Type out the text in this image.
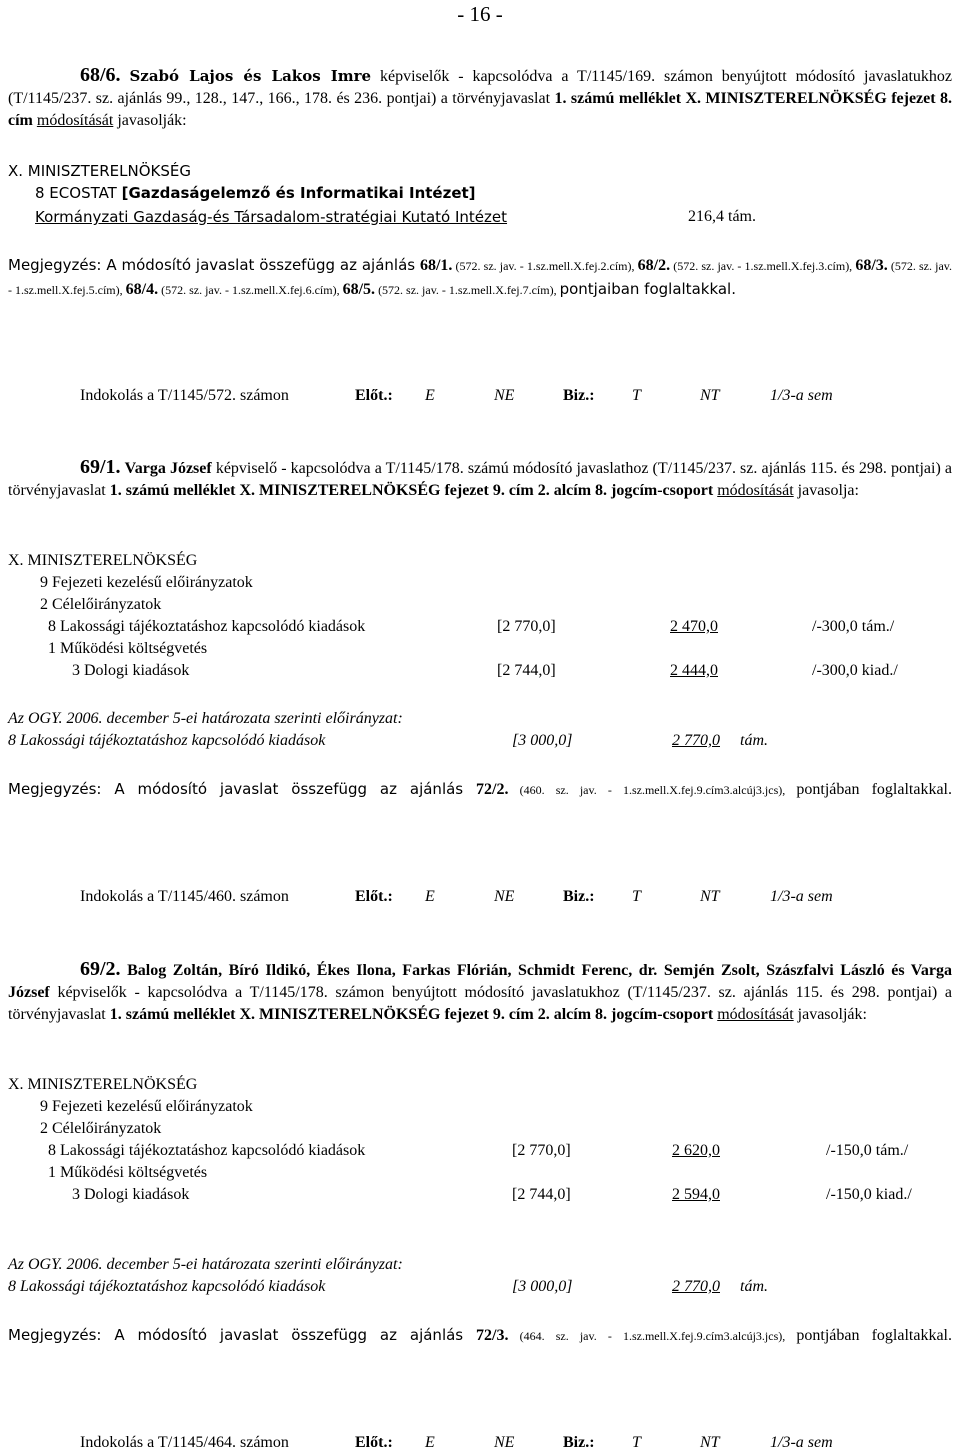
- 16 -
68/6. Szabó Lajos és Lakos Imre képviselők - kapcsolódva a T/1145/169. számon benyújtott módosító javaslatukhoz (T/1145/237. sz. ajánlás 99., 128., 147., 166., 178. és 236. pontjai) a törvényjavaslat 1. számú melléklet X. MINISZTERELNÖKSÉG fejezet 8. cím módosítását javasolják:
X. MINISZTERELNÖKSÉG
8 ECOSTAT [Gazdaságelemző és Informatikai Intézet]
Kormányzati Gazdaság-és Társadalom-stratégiai Kutató Intézet	216,4 tám.
Megjegyzés: A módosító javaslat összefügg az ajánlás 68/1. (572. sz. jav. - 1.sz.mell.X.fej.2.cím), 68/2. (572. sz. jav. - 1.sz.mell.X.fej.3.cím), 68/3. (572. sz. jav. - 1.sz.mell.X.fej.5.cím), 68/4. (572. sz. jav. - 1.sz.mell.X.fej.6.cím), 68/5. (572. sz. jav. - 1.sz.mell.X.fej.7.cím), pontjaiban foglaltakkal.
Indokolás a T/1145/572. számon	Előt.: E	NE	Biz.: T	NT	1/3-a sem
69/1. Varga József képviselő - kapcsolódva a T/1145/178. számú módosító javaslathoz (T/1145/237. sz. ajánlás 115. és 298. pontjai) a törvényjavaslat 1. számú melléklet X. MINISZTERELNÖKSÉG fejezet 9. cím 2. alcím 8. jogcím-csoport módosítását javasolja:
X. MINISZTERELNÖKSÉG
9 Fejezeti kezelésű előirányzatok
2 Célelőirányzatok
8 Lakossági tájékoztatáshoz kapcsolódó kiadások	[2 770,0]	2 470,0	/-300,0 tám./
1 Működési költségvetés
3 Dologi kiadások	[2 744,0]	2 444,0	/-300,0 kiad./
Az OGY. 2006. december 5-ei határozata szerinti előirányzat:
8 Lakossági tájékoztatáshoz kapcsolódó kiadások	[3 000,0]	2 770,0 tám.
Megjegyzés: A módosító javaslat összefügg az ajánlás 72/2. (460. sz. jav. - 1.sz.mell.X.fej.9.cím3.alcúj3.jcs), pontjában foglaltakkal.
Indokolás a T/1145/460. számon	Előt.: E	NE	Biz.: T	NT	1/3-a sem
69/2. Balog Zoltán, Bíró Ildikó, Ékes Ilona, Farkas Flórián, Schmidt Ferenc, dr. Semjén Zsolt, Szászfalvi László és Varga József képviselők - kapcsolódva a T/1145/178. számon benyújtott módosító javaslatukhoz (T/1145/237. sz. ajánlás 115. és 298. pontjai) a törvényjavaslat 1. számú melléklet X. MINISZTERELNÖKSÉG fejezet 9. cím 2. alcím 8. jogcím-csoport módosítását javasolják:
X. MINISZTERELNÖKSÉG
9 Fejezeti kezelésű előirányzatok
2 Célelőirányzatok
8 Lakossági tájékoztatáshoz kapcsolódó kiadások	[2 770,0]	2 620,0	/-150,0 tám./
1 Működési költségvetés
3 Dologi kiadások	[2 744,0]	2 594,0	/-150,0 kiad./
Az OGY. 2006. december 5-ei határozata szerinti előirányzat:
8 Lakossági tájékoztatáshoz kapcsolódó kiadások	[3 000,0]	2 770,0 tám.
Megjegyzés: A módosító javaslat összefügg az ajánlás 72/3. (464. sz. jav. - 1.sz.mell.X.fej.9.cím3.alcúj3.jcs), pontjában foglaltakkal.
Indokolás a T/1145/464. számon	Előt.: E	NE	Biz.: T	NT	1/3-a sem
